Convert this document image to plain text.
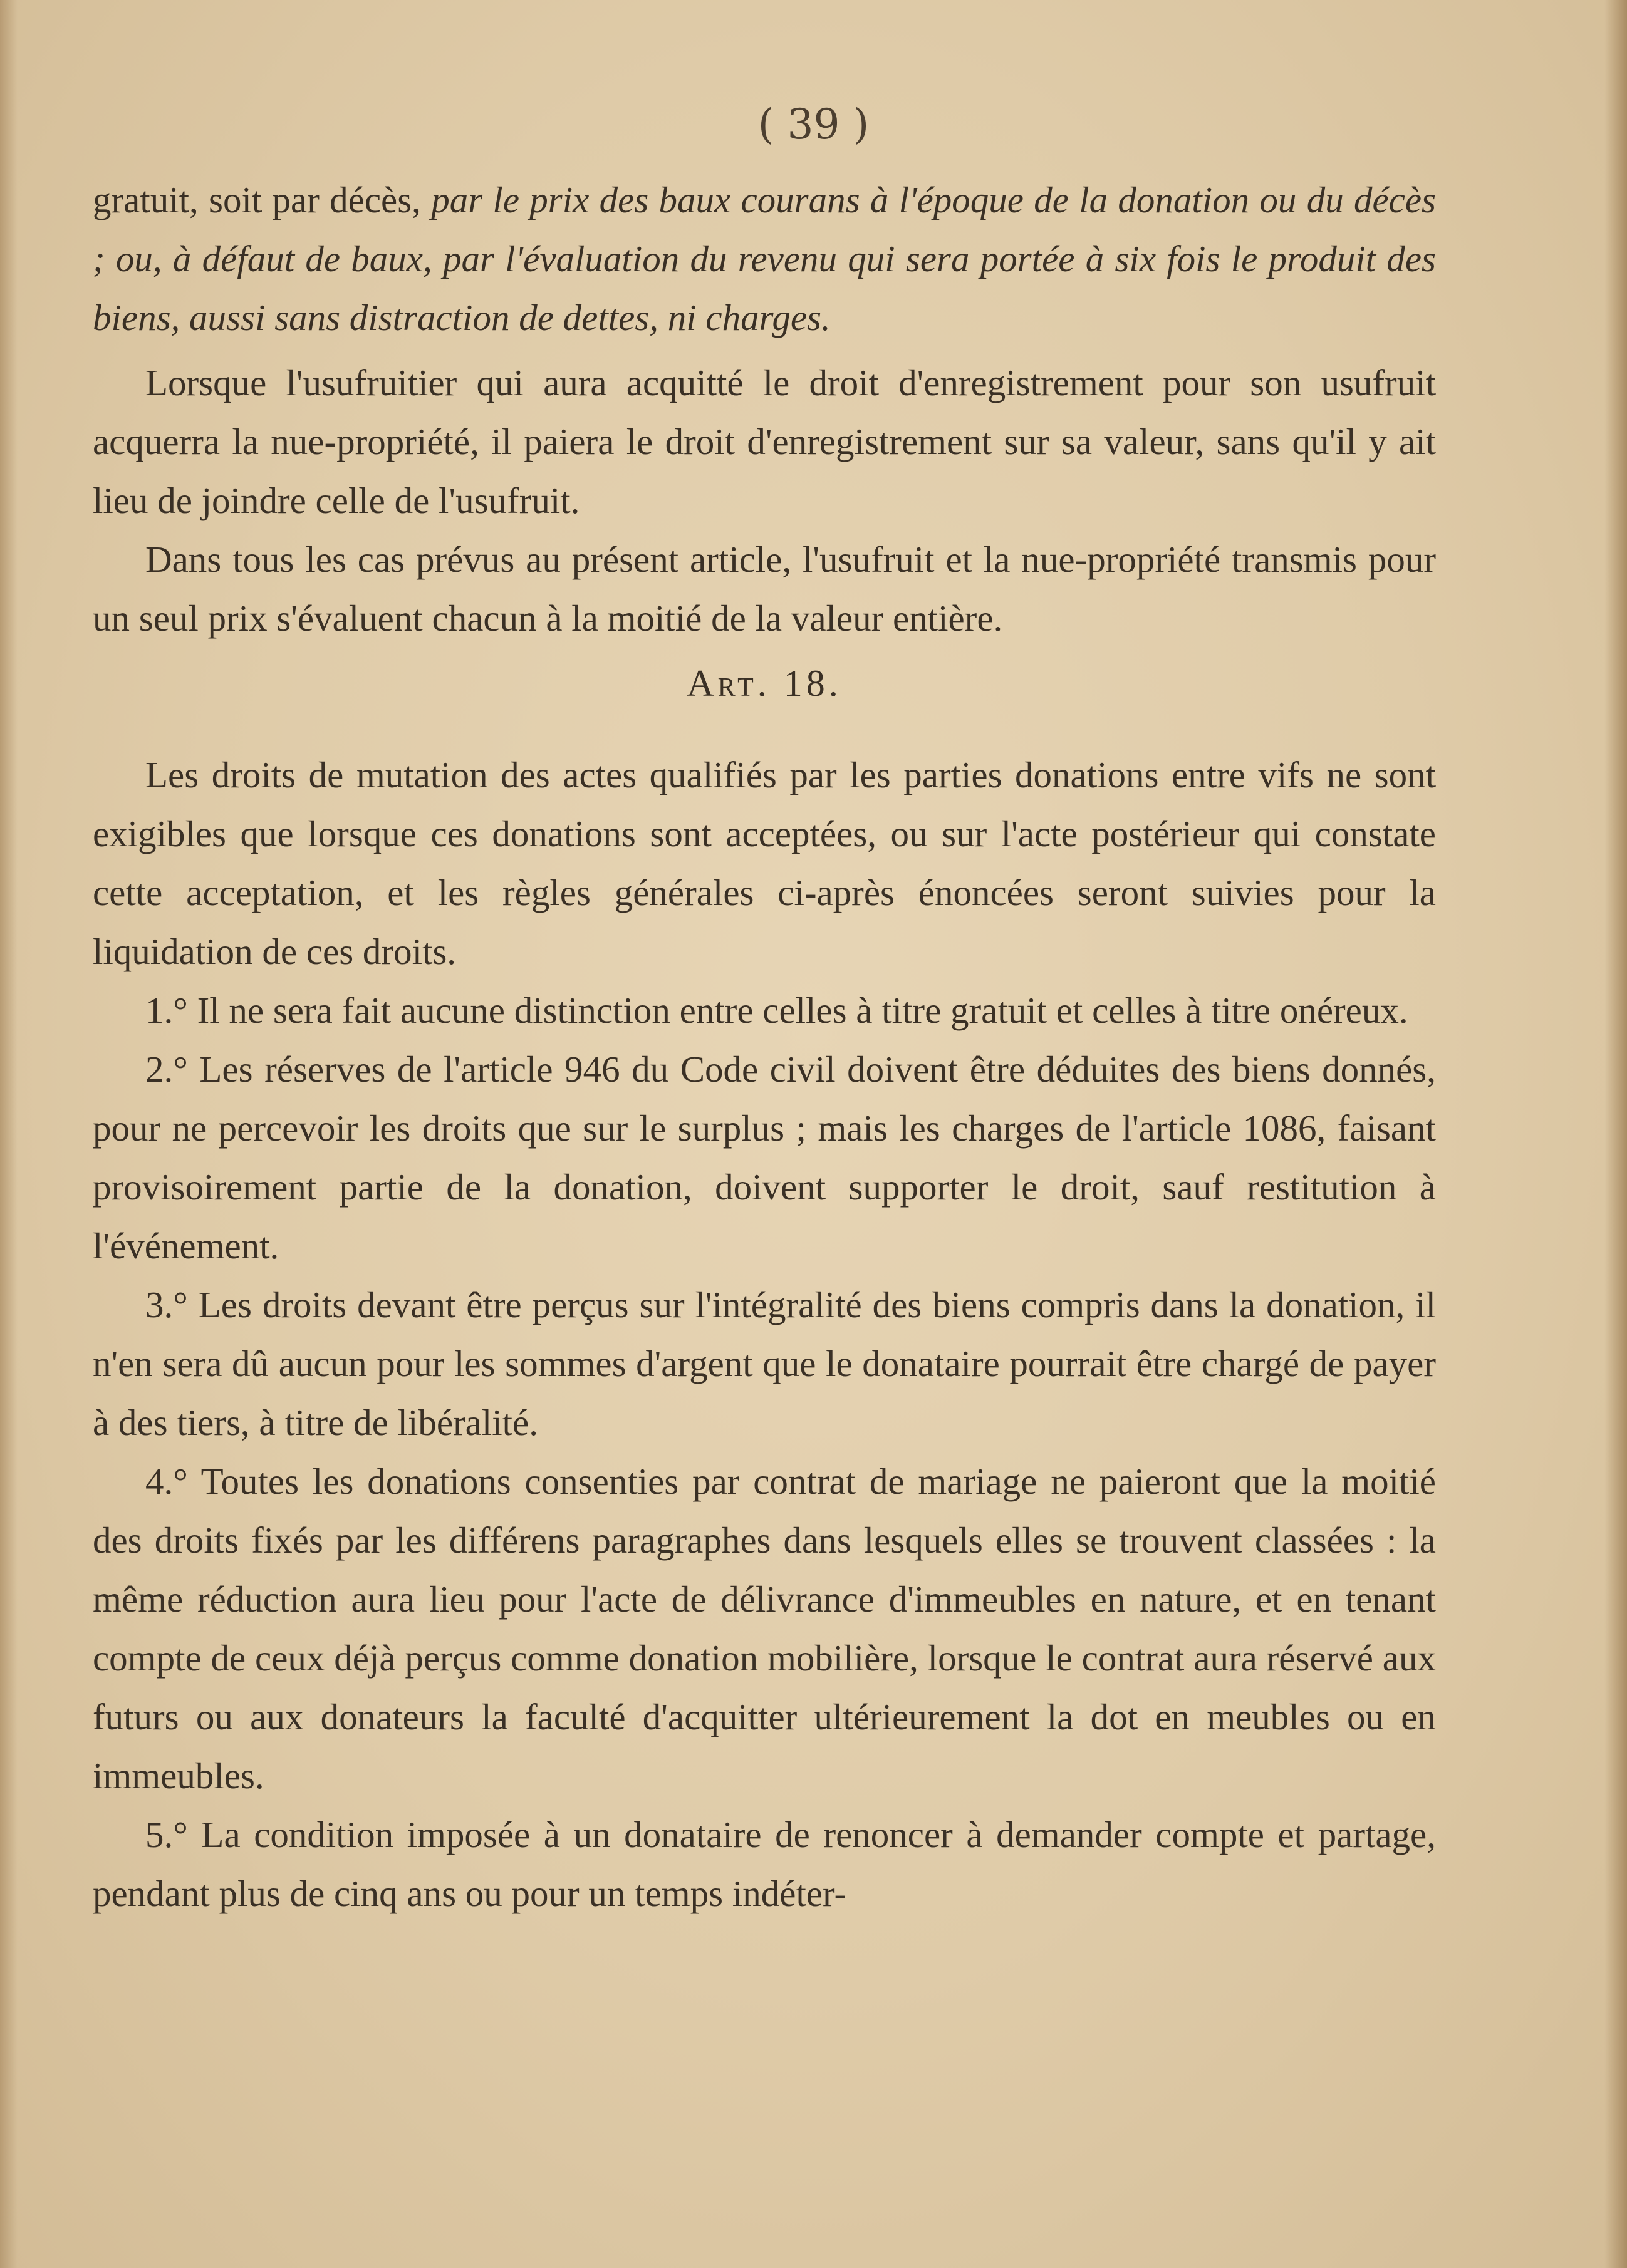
( 39 )

gratuit, soit par décès, par le prix des baux courans à l'époque de la donation ou du décès ; ou, à défaut de baux, par l'évaluation du revenu qui sera portée à six fois le produit des biens, aussi sans distraction de dettes, ni charges.

Lorsque l'usufruitier qui aura acquitté le droit d'enregistrement pour son usufruit acquerra la nue-propriété, il paiera le droit d'enregistrement sur sa valeur, sans qu'il y ait lieu de joindre celle de l'usufruit.

Dans tous les cas prévus au présent article, l'usufruit et la nue-propriété transmis pour un seul prix s'évaluent chacun à la moitié de la valeur entière.

Art. 18.

Les droits de mutation des actes qualifiés par les parties donations entre vifs ne sont exigibles que lorsque ces donations sont acceptées, ou sur l'acte postérieur qui constate cette acceptation, et les règles générales ci-après énoncées seront suivies pour la liquidation de ces droits.

1.° Il ne sera fait aucune distinction entre celles à titre gratuit et celles à titre onéreux.

2.° Les réserves de l'article 946 du Code civil doivent être déduites des biens donnés, pour ne percevoir les droits que sur le surplus ; mais les charges de l'article 1086, faisant provisoirement partie de la donation, doivent supporter le droit, sauf restitution à l'événement.

3.° Les droits devant être perçus sur l'intégralité des biens compris dans la donation, il n'en sera dû aucun pour les sommes d'argent que le donataire pourrait être chargé de payer à des tiers, à titre de libéralité.

4.° Toutes les donations consenties par contrat de mariage ne paieront que la moitié des droits fixés par les différens paragraphes dans lesquels elles se trouvent classées : la même réduction aura lieu pour l'acte de délivrance d'immeubles en nature, et en tenant compte de ceux déjà perçus comme donation mobilière, lorsque le contrat aura réservé aux futurs ou aux donateurs la faculté d'acquitter ultérieurement la dot en meubles ou en immeubles.

5.° La condition imposée à un donataire de renoncer à demander compte et partage, pendant plus de cinq ans ou pour un temps indéter-
